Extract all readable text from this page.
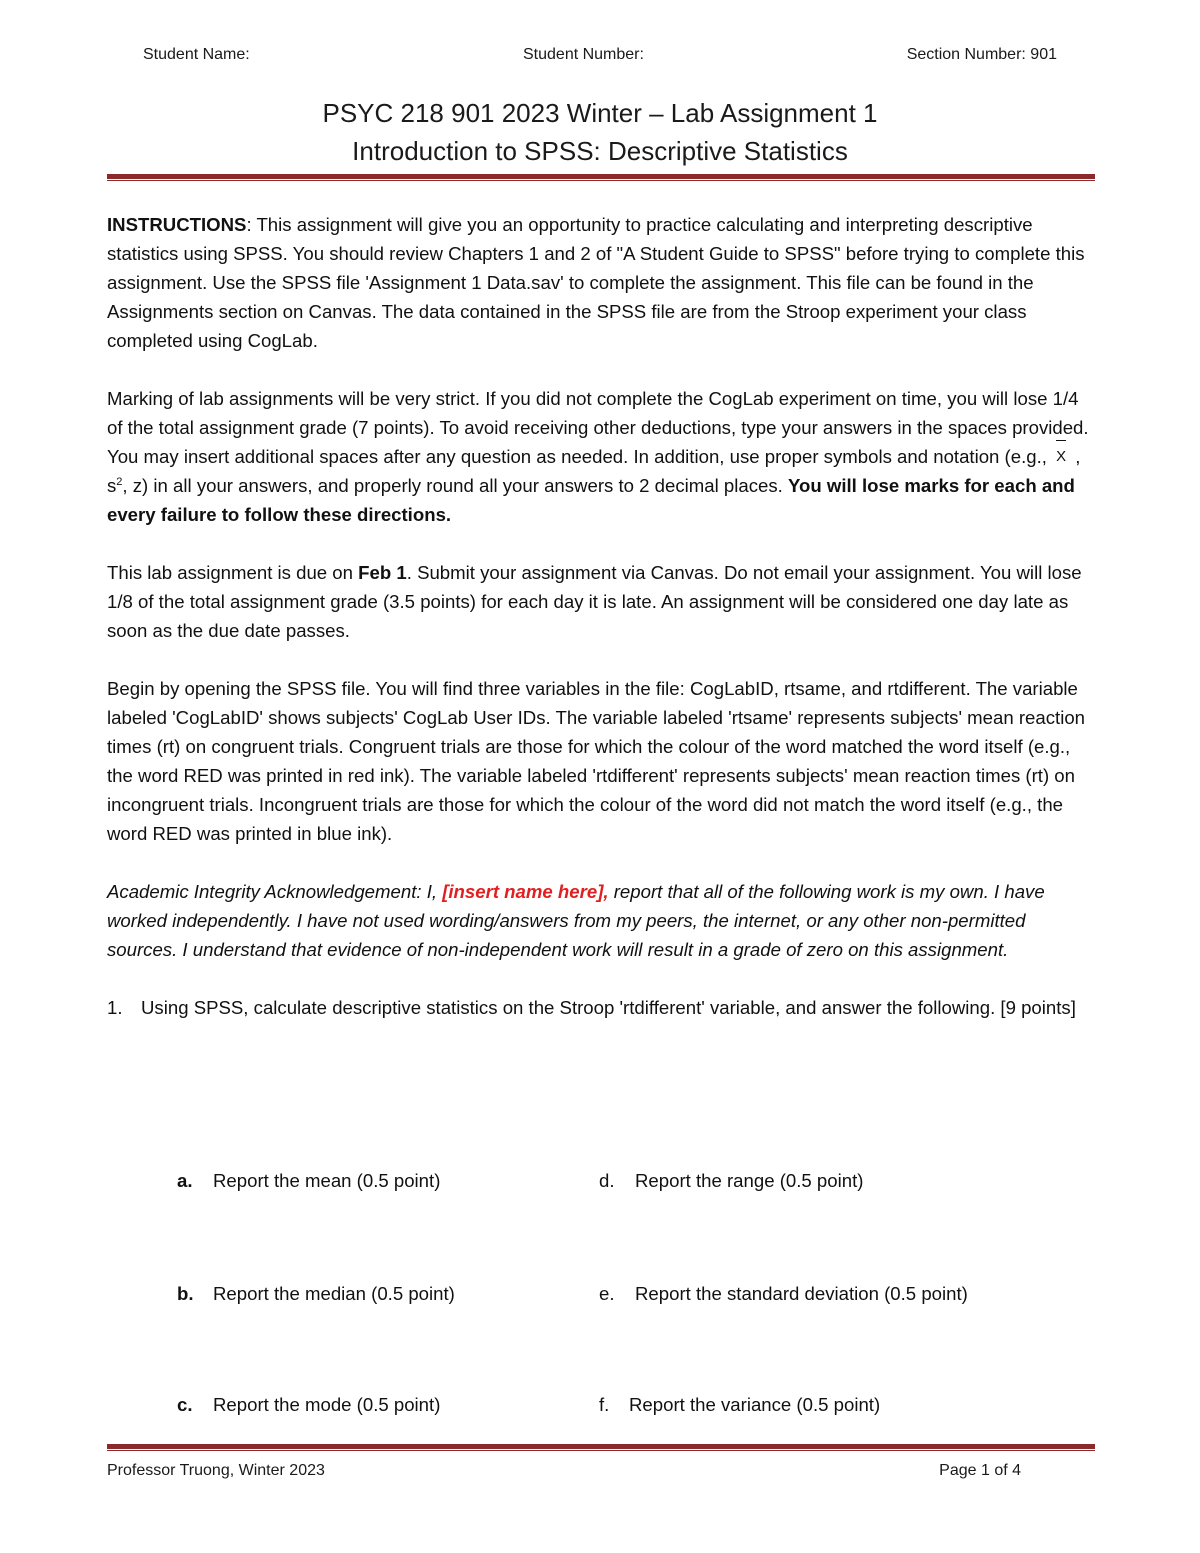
Student Name:	Student Number:	Section Number: 901
PSYC 218 901 2023 Winter – Lab Assignment 1
Introduction to SPSS: Descriptive Statistics

INSTRUCTIONS: This assignment will give you an opportunity to practice calculating and interpreting descriptive statistics using SPSS. You should review Chapters 1 and 2 of "A Student Guide to SPSS" before trying to complete this assignment. Use the SPSS file 'Assignment 1 Data.sav' to complete the assignment. This file can be found in the Assignments section on Canvas. The data contained in the SPSS file are from the Stroop experiment your class completed using CogLab.

Marking of lab assignments will be very strict. If you did not complete the CogLab experiment on time, you will lose 1/4 of the total assignment grade (7 points). To avoid receiving other deductions, type your answers in the spaces provided. You may insert additional spaces after any question as needed. In addition, use proper symbols and notation (e.g., X , $s^2$, z) in all your answers, and properly round all your answers to 2 decimal places. You will lose marks for each and every failure to follow these directions.

This lab assignment is due on Feb 1. Submit your assignment via Canvas. Do not email your assignment. You will lose 1/8 of the total assignment grade (3.5 points) for each day it is late. An assignment will be considered one day late as soon as the due date passes.

Begin by opening the SPSS file. You will find three variables in the file: CogLabID, rtsame, and rtdifferent. The variable labeled 'CogLabID' shows subjects' CogLab User IDs. The variable labeled 'rtsame' represents subjects' mean reaction times (rt) on congruent trials. Congruent trials are those for which the colour of the word matched the word itself (e.g., the word RED was printed in red ink). The variable labeled 'rtdifferent' represents subjects' mean reaction times (rt) on incongruent trials. Incongruent trials are those for which the colour of the word did not match the word itself (e.g., the word RED was printed in blue ink).

Academic Integrity Acknowledgement: I, [insert name here], report that all of the following work is my own. I have worked independently. I have not used wording/answers from my peers, the internet, or any other non-permitted sources. I understand that evidence of non-independent work will result in a grade of zero on this assignment.

1. Using SPSS, calculate descriptive statistics on the Stroop 'rtdifferent' variable, and answer the following. [9 points]
a. Report the mean (0.5 point)
b. Report the median (0.5 point)
c. Report the mode (0.5 point)
d. Report the range (0.5 point)
e. Report the standard deviation (0.5 point)
f. Report the variance (0.5 point)
Professor Truong, Winter 2023	Page 1 of 4
